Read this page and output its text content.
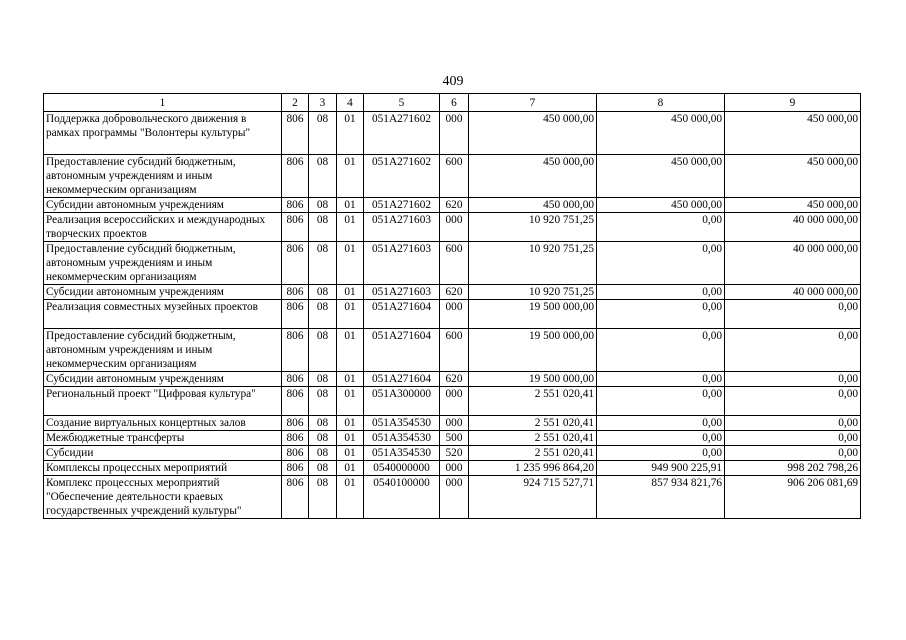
409
1	2	3	4	5	6	7	8	9
Поддержка добровольческого движения в рамках программы "Волонтеры культуры"	806	08	01	051A271602	000	450 000,00	450 000,00	450 000,00
Предоставление субсидий бюджетным, автономным учреждениям и иным некоммерческим организациям	806	08	01	051A271602	600	450 000,00	450 000,00	450 000,00
Субсидии автономным учреждениям	806	08	01	051A271602	620	450 000,00	450 000,00	450 000,00
Реализация всероссийских и международных творческих проектов	806	08	01	051A271603	000	10 920 751,25	0,00	40 000 000,00
Предоставление субсидий бюджетным, автономным учреждениям и иным некоммерческим организациям	806	08	01	051A271603	600	10 920 751,25	0,00	40 000 000,00
Субсидии автономным учреждениям	806	08	01	051A271603	620	10 920 751,25	0,00	40 000 000,00
Реализация совместных музейных проектов	806	08	01	051A271604	000	19 500 000,00	0,00	0,00
Предоставление субсидий бюджетным, автономным учреждениям и иным некоммерческим организациям	806	08	01	051A271604	600	19 500 000,00	0,00	0,00
Субсидии автономным учреждениям	806	08	01	051A271604	620	19 500 000,00	0,00	0,00
Региональный проект "Цифровая культура"	806	08	01	051A300000	000	2 551 020,41	0,00	0,00
Создание виртуальных концертных залов	806	08	01	051A354530	000	2 551 020,41	0,00	0,00
Межбюджетные трансферты	806	08	01	051A354530	500	2 551 020,41	0,00	0,00
Субсидии	806	08	01	051A354530	520	2 551 020,41	0,00	0,00
Комплексы процессных мероприятий	806	08	01	0540000000	000	1 235 996 864,20	949 900 225,91	998 202 798,26
Комплекс процессных мероприятий "Обеспечение деятельности краевых государственных учреждений культуры"	806	08	01	0540100000	000	924 715 527,71	857 934 821,76	906 206 081,69
